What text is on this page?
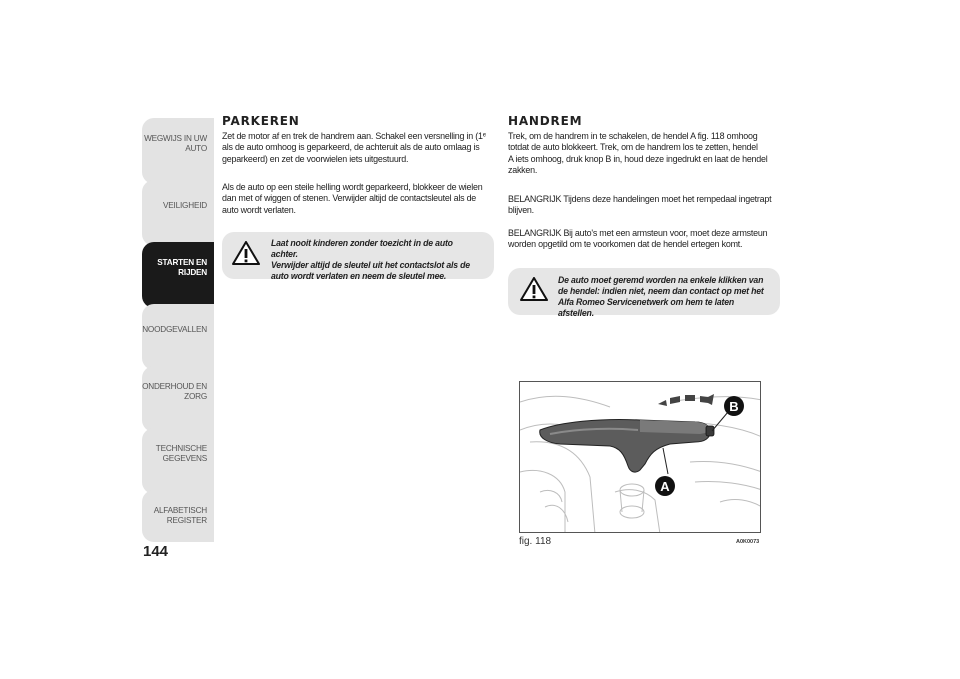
WEGWIJS IN UW
AUTO
VEILIGHEID
STARTEN EN
RIJDEN
NOODGEVALLEN
ONDERHOUD EN
ZORG
TECHNISCHE
GEGEVENS
ALFABETISCH
REGISTER
144
PARKEREN
Zet de motor af en trek de handrem aan. Schakel een versnelling in (1ᵉ
als de auto omhoog is geparkeerd, de achteruit als de auto omlaag is
geparkeerd) en zet de voorwielen iets uitgestuurd.
Als de auto op een steile helling wordt geparkeerd, blokkeer de wielen
dan met of wiggen of stenen. Verwijder altijd de contactsleutel als de
auto wordt verlaten.
Laat nooit kinderen zonder toezicht in de auto achter.
Verwijder altijd de sleutel uit het contactslot als de
auto wordt verlaten en neem de sleutel mee.
HANDREM
Trek, om de handrem in te schakelen, de hendel A fig. 118 omhoog
totdat de auto blokkeert. Trek, om de handrem los te zetten, hendel
A iets omhoog, druk knop B in, houd deze ingedrukt en laat de hendel
zakken.
BELANGRIJK Tijdens deze handelingen moet het rempedaal ingetrapt
blijven.
BELANGRIJK Bij auto's met een armsteun voor, moet deze armsteun
worden opgetild om te voorkomen dat de hendel ertegen komt.
De auto moet geremd worden na enkele klikken van
de hendel: indien niet, neem dan contact op met het
Alfa Romeo Servicenetwerk om hem te laten afstellen.
B
A
fig. 118	A0K0073
